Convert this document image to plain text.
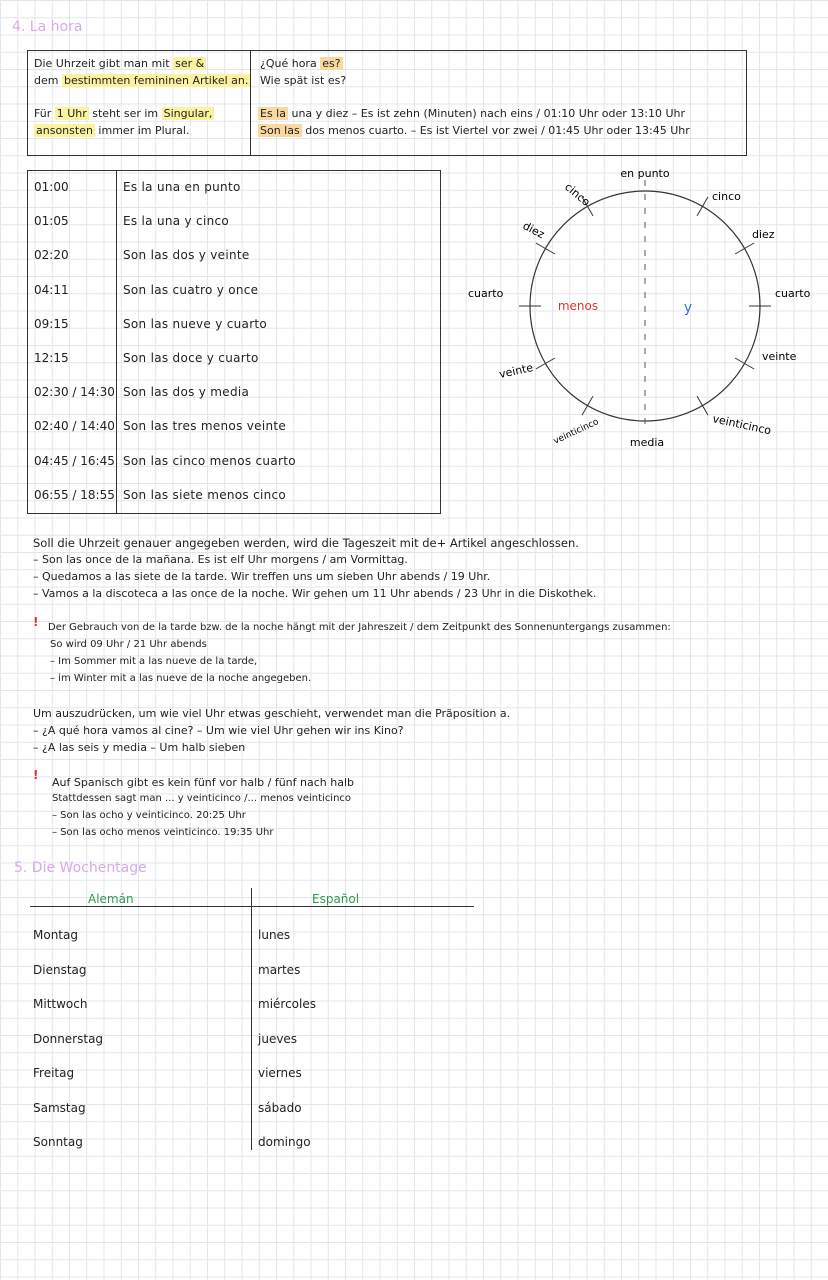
4. La hora
Die Uhrzeit gibt man mit ser &
dem bestimmten femininen Artikel an.
Für 1 Uhr steht ser im Singular,
ansonsten immer im Plural.
¿Qué hora es?
Wie spät ist es?
Es la una y diez – Es ist zehn (Minuten) nach eins / 01:10 Uhr oder 13:10 Uhr
Son las dos menos cuarto. – Es ist Viertel vor zwei / 01:45 Uhr oder 13:45 Uhr
01:00	Es la una en punto
01:05	Es la una y cinco
02:20	Son las dos y veinte
04:11	Son las cuatro y once
09:15	Son las nueve y cuarto
12:15	Son las doce y cuarto
02:30 / 14:30 Son las dos y media
02:40 / 14:40 Son las tres menos veinte
04:45 / 16:45 Son las cinco menos cuarto
06:55 / 18:55 Son las siete menos cinco
en punto
media
menos	y
cinco
diez
cuarto
veinte
veinticinco
cinco
diez
cuarto
veinte
veinticinco
Soll die Uhrzeit genauer angegeben werden, wird die Tageszeit mit de+ Artikel angeschlossen.
– Son las once de la mañana. Es ist elf Uhr morgens / am Vormittag.
– Quedamos a las siete de la tarde. Wir treffen uns um sieben Uhr abends / 19 Uhr.
– Vamos a la discoteca a las once de la noche. Wir gehen um 11 Uhr abends / 23 Uhr in die Diskothek.
! Der Gebrauch von de la tarde bzw. de la noche hängt mit der Jahreszeit / dem Zeitpunkt des Sonnenuntergangs zusammen:
So wird 09 Uhr / 21 Uhr abends
– Im Sommer mit a las nueve de la tarde,
– im Winter mit a las nueve de la noche angegeben.
Um auszudrücken, um wie viel Uhr etwas geschieht, verwendet man die Präposition a.
– ¿A qué hora vamos al cine? – Um wie viel Uhr gehen wir ins Kino?
– ¿A las seis y media – Um halb sieben
!
Auf Spanisch gibt es kein fünf vor halb / fünf nach halb
Stattdessen sagt man ... y veinticinco /... menos veinticinco
– Son las ocho y veinticinco. 20:25 Uhr
– Son las ocho menos veinticinco. 19:35 Uhr
5. Die Wochentage
Alemán	Español
Montag	lunes
Dienstag	martes
Mittwoch	miércoles
Donnerstag	jueves
Freitag	viernes
Samstag	sábado
Sonntag	domingo
